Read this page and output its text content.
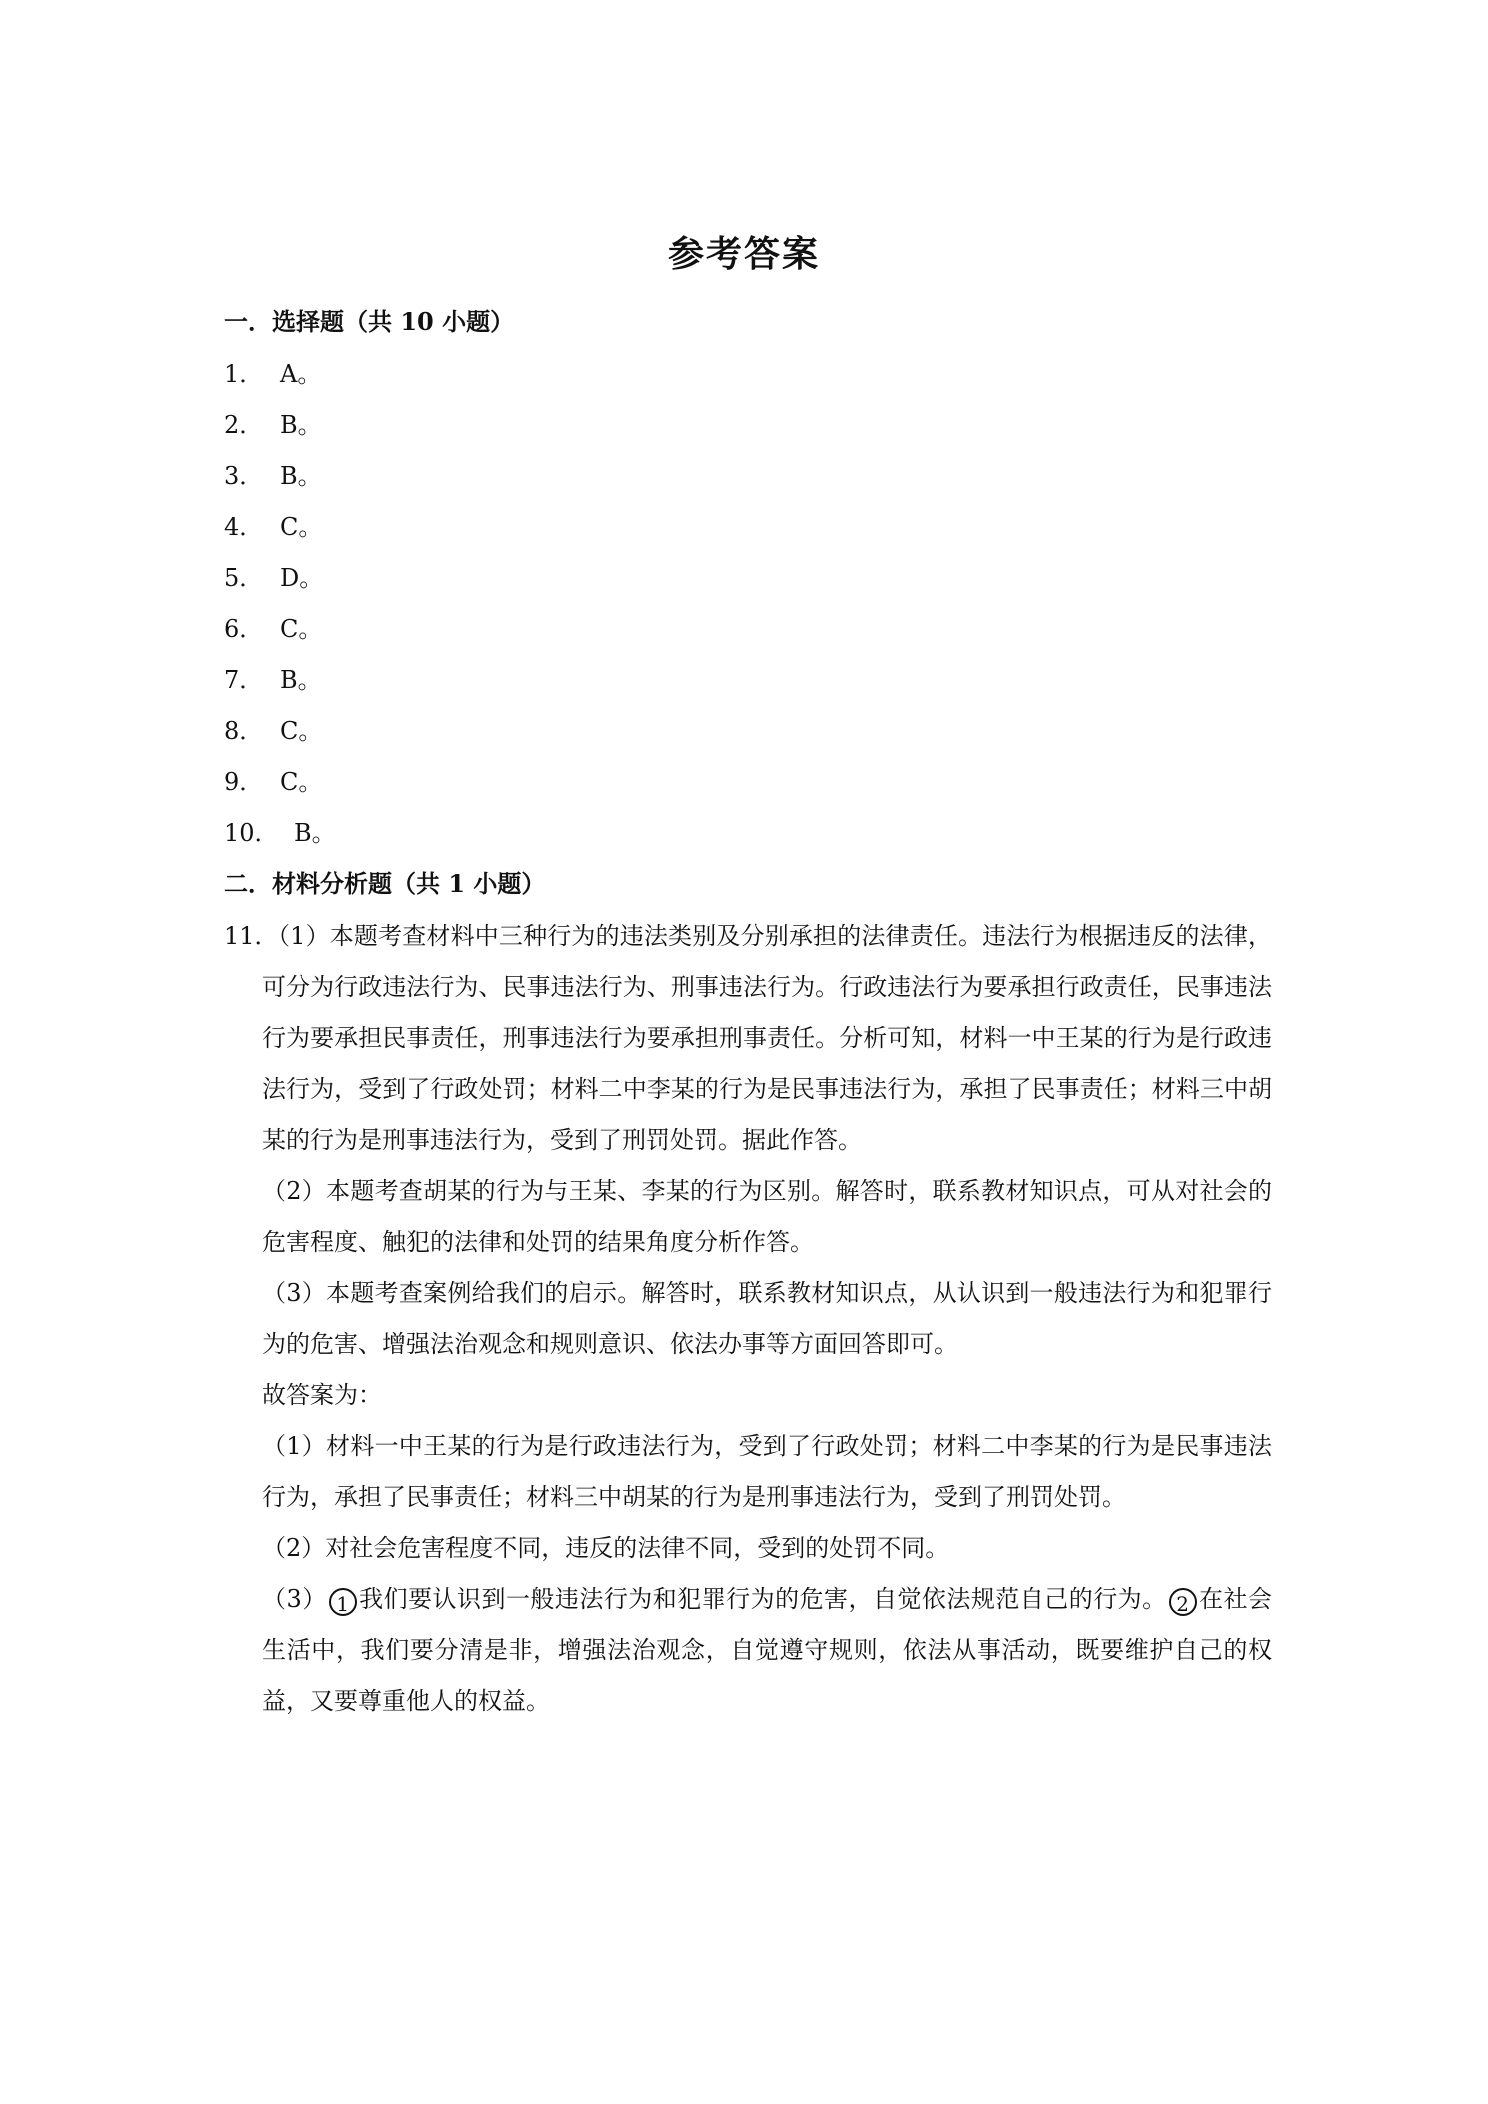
参考答案
一．选择题（共 10 小题）
1． A。
2． B。
3． B。
4． C。
5． D。
6． C。
7． B。
8． C。
9． C。
10． B。
二．材料分析题（共 1 小题）
11．

（1）本题考查材料中三种行为的违法类别及分别承担的法律责任。违法行为根据违反的法律，可分为行政违法行为、民事违法行为、刑事违法行为。行政违法行为要承担行政责任，民事违法行为要承担民事责任，刑事违法行为要承担刑事责任。分析可知，材料一中王某的行为是行政违法行为，受到了行政处罚；材料二中李某的行为是民事违法行为，承担了民事责任；材料三中胡某的行为是刑事违法行为，受到了刑罚处罚。据此作答。

（2）本题考查胡某的行为与王某、李某的行为区别。解答时，联系教材知识点，可从对社会的危害程度、触犯的法律和处罚的结果角度分析作答。

（3）本题考查案例给我们的启示。解答时，联系教材知识点，从认识到一般违法行为和犯罪行为的危害、增强法治观念和规则意识、依法办事等方面回答即可。

故答案为：

（1）材料一中王某的行为是行政违法行为，受到了行政处罚；材料二中李某的行为是民事违法行为，承担了民事责任；材料三中胡某的行为是刑事违法行为，受到了刑罚处罚。

（2）对社会危害程度不同，违反的法律不同，受到的处罚不同。

（3） 1 我们要认识到一般违法行为和犯罪行为的危害，自觉依法规范自己的行为。 2 在社会生活中，我们要分清是非，增强法治观念，自觉遵守规则，依法从事活动，既要维护自己的权益，又要尊重他人的权益。
